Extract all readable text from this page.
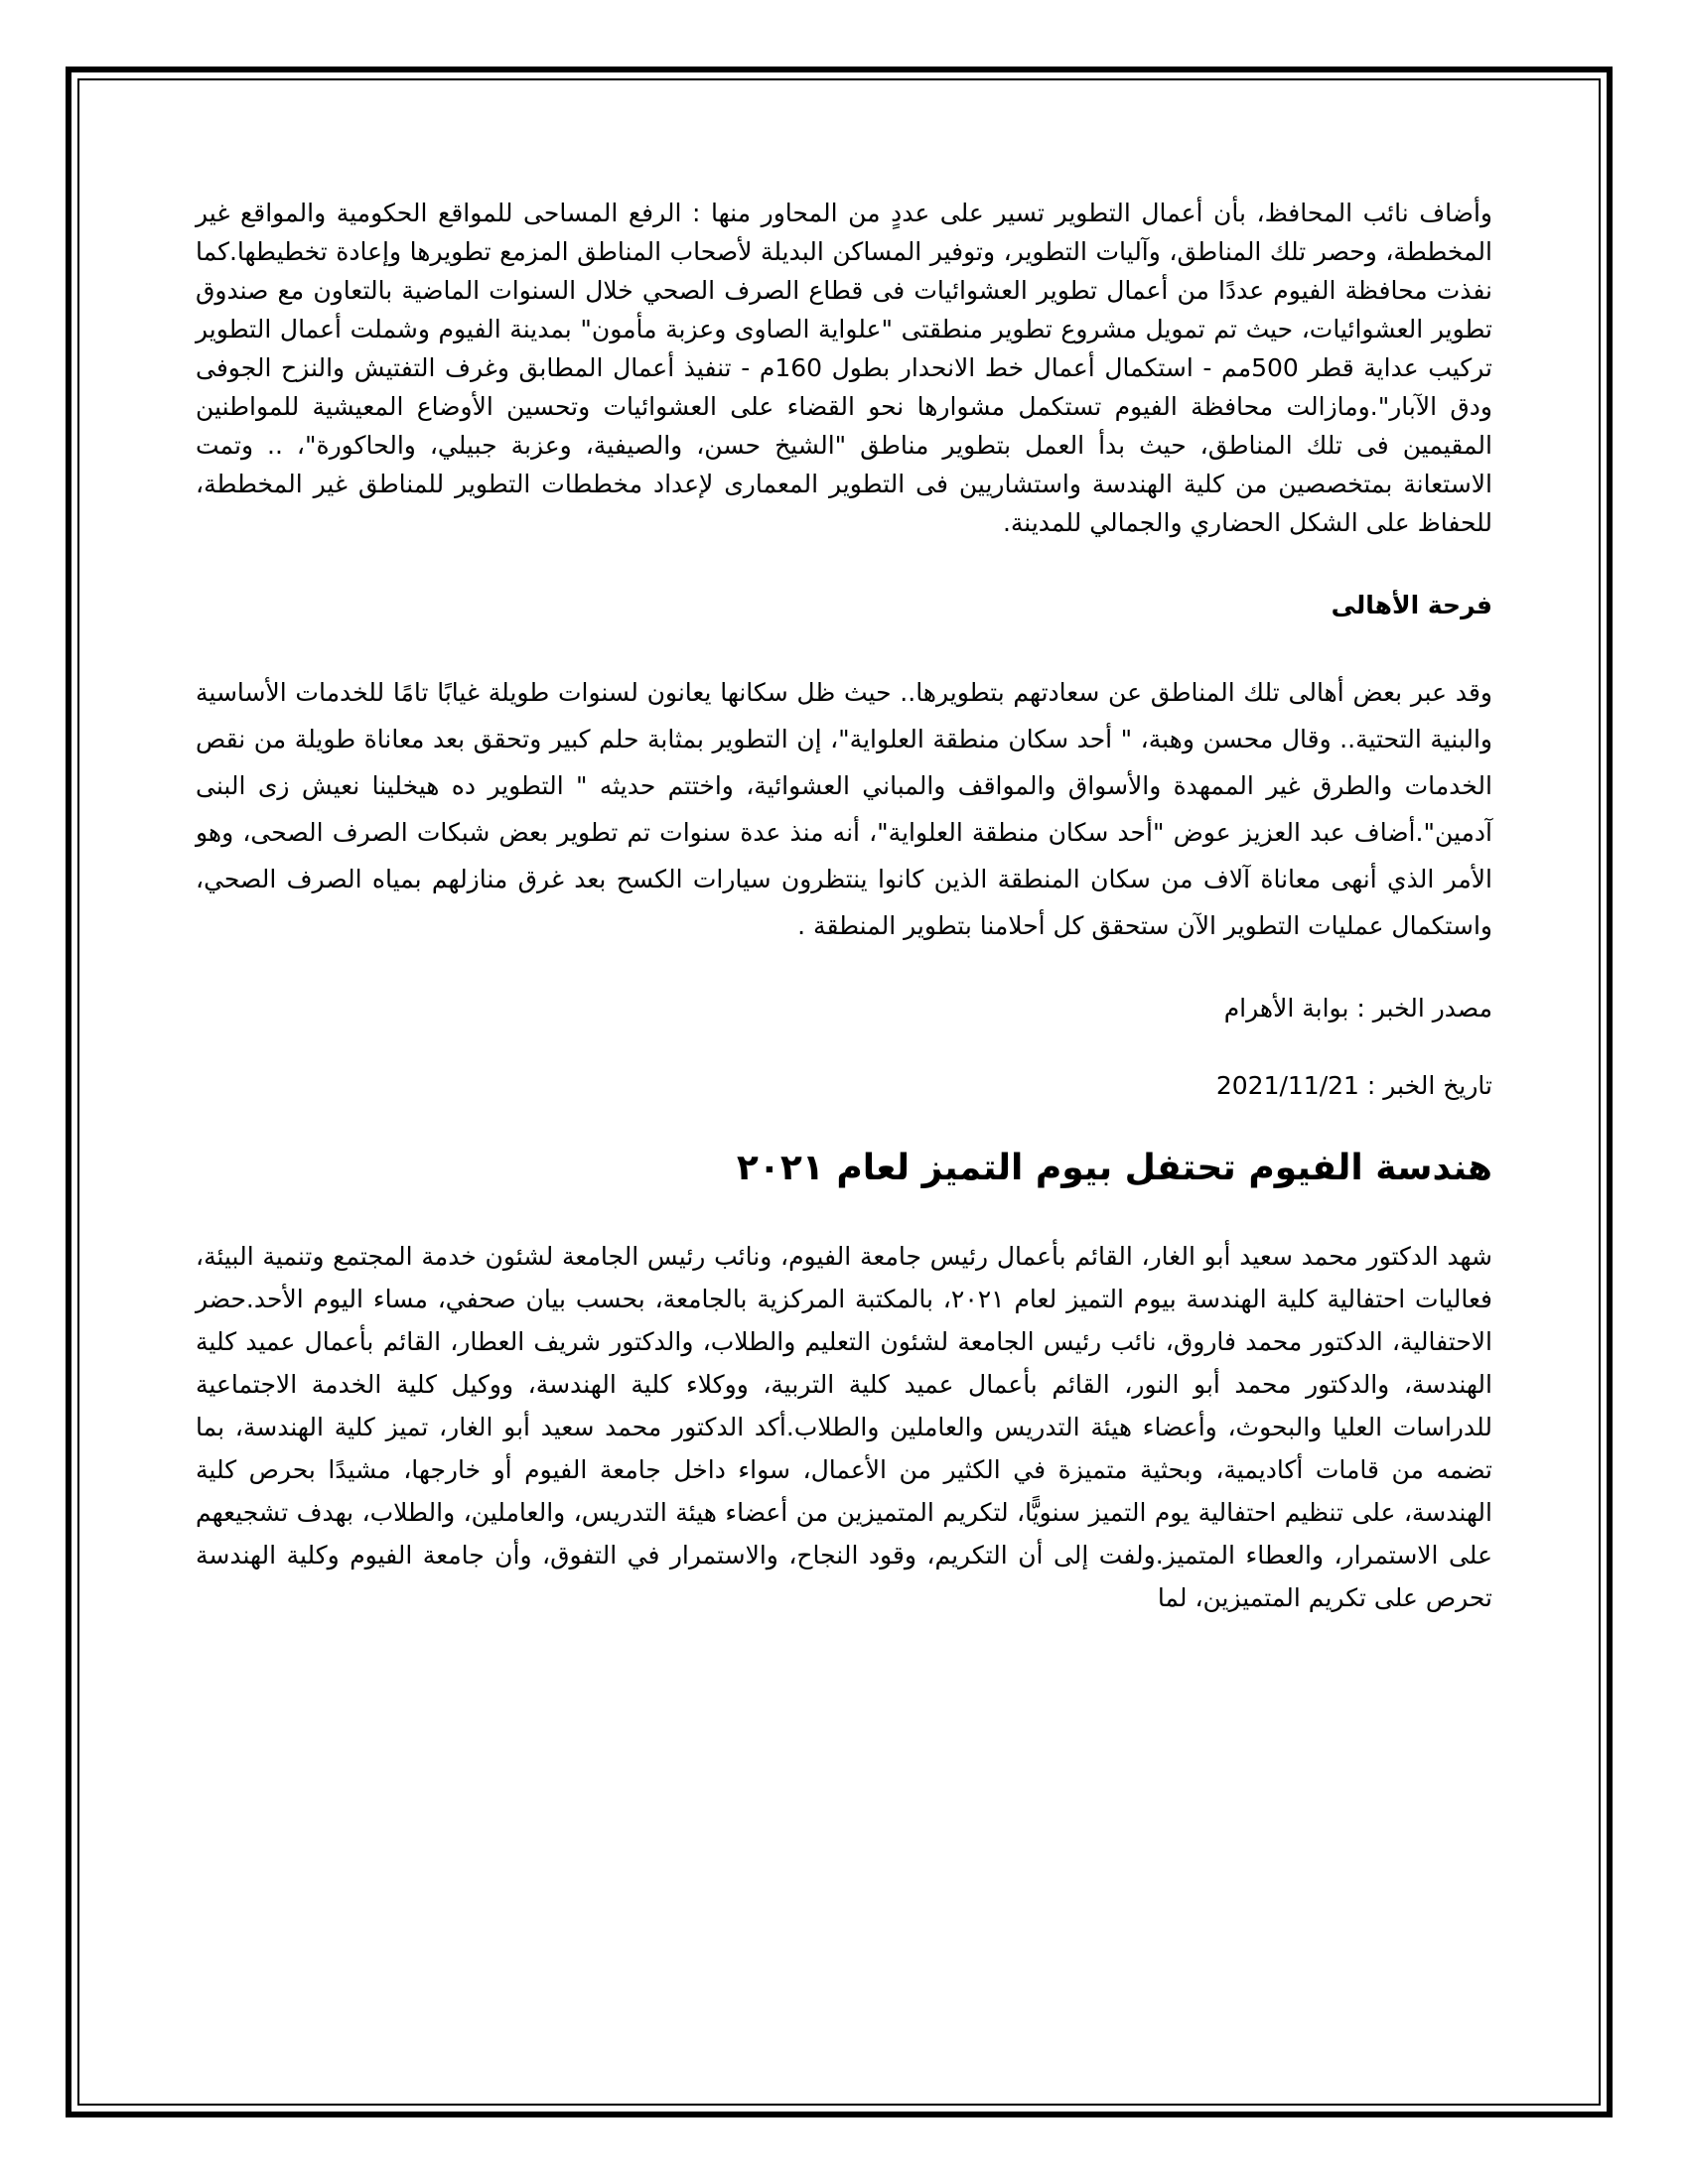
وأضاف نائب المحافظ، بأن أعمال التطوير تسير على عددٍ من المحاور منها : الرفع المساحى للمواقع الحكومية والمواقع غير المخططة، وحصر تلك المناطق، وآليات التطوير، وتوفير المساكن البديلة لأصحاب المناطق المزمع تطويرها وإعادة تخطيطها.كما نفذت محافظة الفيوم عددًا من أعمال تطوير العشوائيات فى قطاع الصرف الصحي خلال السنوات الماضية بالتعاون مع صندوق تطوير العشوائيات، حيث تم تمويل مشروع تطوير منطقتى "علواية الصاوى وعزبة مأمون" بمدينة الفيوم وشملت أعمال التطوير تركيب عداية قطر 500مم - استكمال أعمال خط الانحدار بطول 160م - تنفيذ أعمال المطابق وغرف التفتيش والنزح الجوفى ودق الآبار".ومازالت محافظة الفيوم تستكمل مشوارها نحو القضاء على العشوائيات وتحسين الأوضاع المعيشية للمواطنين المقيمين فى تلك المناطق، حيث بدأ العمل بتطوير مناطق "الشيخ حسن، والصيفية، وعزبة جبيلي، والحاكورة"، .. وتمت الاستعانة بمتخصصين من كلية الهندسة واستشاريين فى التطوير المعمارى لإعداد مخططات التطوير للمناطق غير المخططة، للحفاظ على الشكل الحضاري والجمالي للمدينة.

فرحة الأهالى

وقد عبر بعض أهالى تلك المناطق عن سعادتهم بتطويرها.. حيث ظل سكانها يعانون لسنوات طويلة غيابًا تامًا للخدمات الأساسية والبنية التحتية.. وقال محسن وهبة، " أحد سكان منطقة العلواية"، إن التطوير بمثابة حلم كبير وتحقق بعد معاناة طويلة من نقص الخدمات والطرق غير الممهدة والأسواق والمواقف والمباني العشوائية، واختتم حديثه " التطوير ده هيخلينا نعيش زى البنى آدمين".أضاف عبد العزيز عوض "أحد سكان منطقة العلواية"، أنه منذ عدة سنوات تم تطوير بعض شبكات الصرف الصحى، وهو الأمر الذي أنهى معاناة آلاف من سكان المنطقة الذين كانوا ينتظرون سيارات الكسح بعد غرق منازلهم بمياه الصرف الصحي، واستكمال عمليات التطوير الآن ستحقق كل أحلامنا بتطوير المنطقة .

مصدر الخبر : بوابة الأهرام

تاريخ الخبر : 2021/11/21

هندسة الفيوم تحتفل بيوم التميز لعام ٢٠٢١

شهد الدكتور محمد سعيد أبو الغار، القائم بأعمال رئيس جامعة الفيوم، ونائب رئيس الجامعة لشئون خدمة المجتمع وتنمية البيئة، فعاليات احتفالية كلية الهندسة بيوم التميز لعام ٢٠٢١، بالمكتبة المركزية بالجامعة، بحسب بيان صحفي، مساء اليوم الأحد.حضر الاحتفالية، الدكتور محمد فاروق، نائب رئيس الجامعة لشئون التعليم والطلاب، والدكتور شريف العطار، القائم بأعمال عميد كلية الهندسة، والدكتور محمد أبو النور، القائم بأعمال عميد كلية التربية، ووكلاء كلية الهندسة، ووكيل كلية الخدمة الاجتماعية للدراسات العليا والبحوث، وأعضاء هيئة التدريس والعاملين والطلاب.أكد الدكتور محمد سعيد أبو الغار، تميز كلية الهندسة، بما تضمه من قامات أكاديمية، وبحثية متميزة في الكثير من الأعمال، سواء داخل جامعة الفيوم أو خارجها، مشيدًا بحرص كلية الهندسة، على تنظيم احتفالية يوم التميز سنويًّا، لتكريم المتميزين من أعضاء هيئة التدريس، والعاملين، والطلاب، بهدف تشجيعهم على الاستمرار، والعطاء المتميز.ولفت إلى أن التكريم، وقود النجاح، والاستمرار في التفوق، وأن جامعة الفيوم وكلية الهندسة تحرص على تكريم المتميزين، لما
